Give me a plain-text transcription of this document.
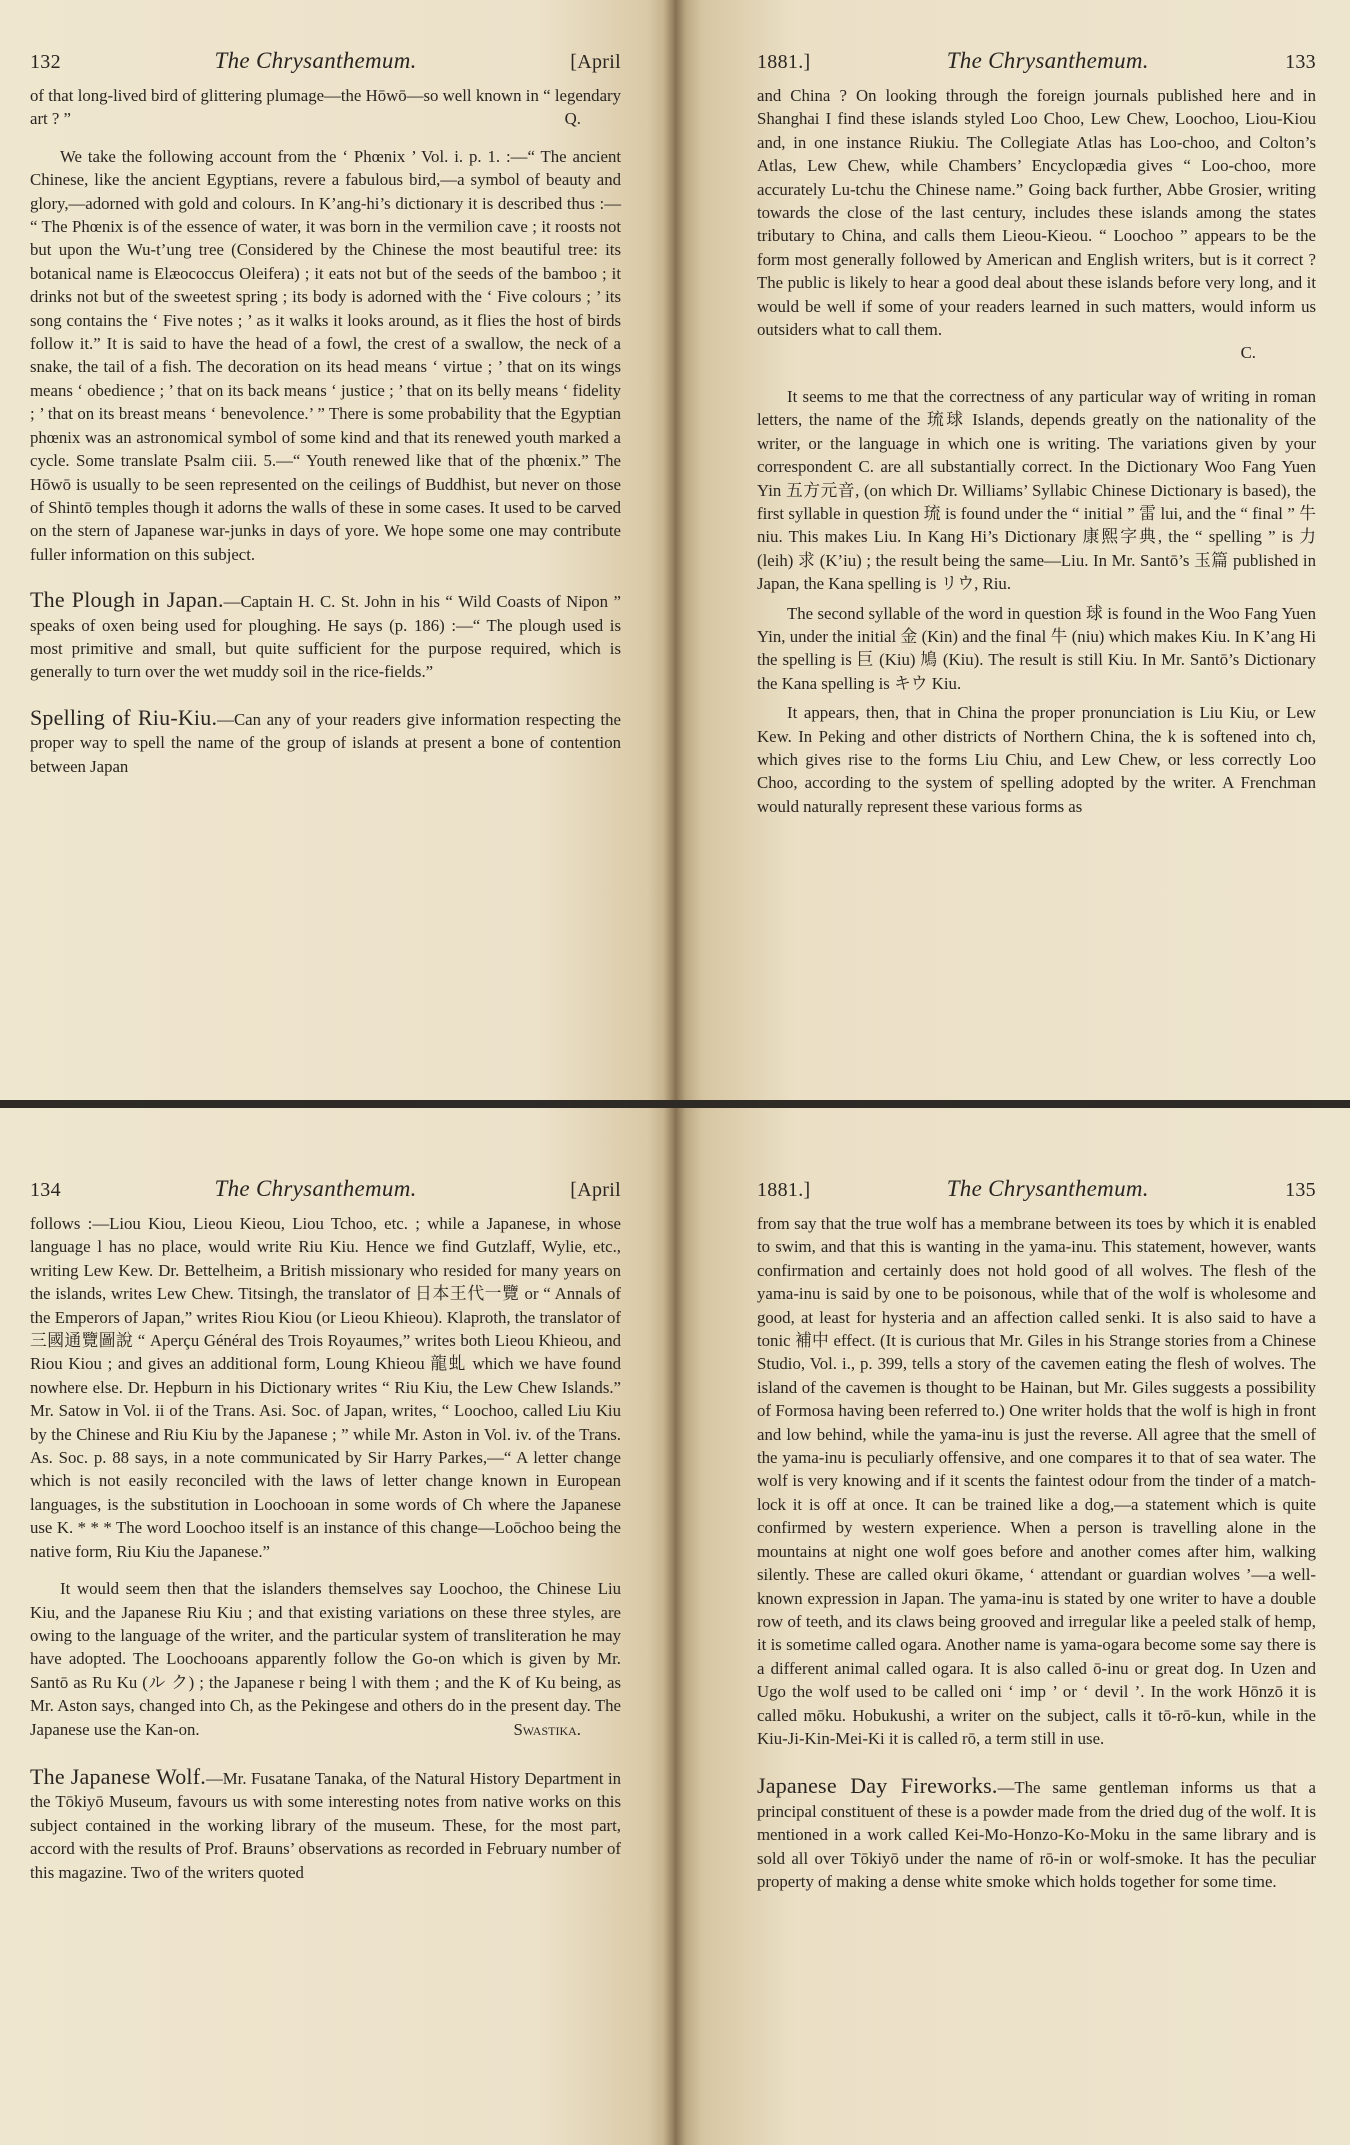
132	The Chrysanthemum.	[April

of that long-lived bird of glittering plumage—the Hōwō—so well known in “ legendary art ? ”	Q.

We take the following account from the ‘ Phœnix ’ Vol. i. p. 1. :—“ The ancient Chinese, like the ancient Egyptians, revere a fabulous bird,—a symbol of beauty and glory,—adorned with gold and colours. In K’ang-hi’s dictionary it is described thus :— “ The Phœnix is of the essence of water, it was born in the vermilion cave ; it roosts not but upon the Wu-t’ung tree (Considered by the Chinese the most beautiful tree: its botanical name is Elæococcus Oleifera) ; it eats not but of the seeds of the bamboo ; it drinks not but of the sweetest spring ; its body is adorned with the ‘ Five colours ; ’ its song contains the ‘ Five notes ; ’ as it walks it looks around, as it flies the host of birds follow it.” It is said to have the head of a fowl, the crest of a swallow, the neck of a snake, the tail of a fish. The decoration on its head means ‘ virtue ; ’ that on its wings means ‘ obedience ; ’ that on its back means ‘ justice ; ’ that on its belly means ‘ fidelity ; ’ that on its breast means ‘ benevolence.’ ” There is some probability that the Egyptian phœnix was an astronomical symbol of some kind and that its renewed youth marked a cycle. Some translate Psalm ciii. 5.—“ Youth renewed like that of the phœnix.” The Hōwō is usually to be seen represented on the ceilings of Buddhist, but never on those of Shintō temples though it adorns the walls of these in some cases. It used to be carved on the stern of Japanese war-junks in days of yore. We hope some one may contribute fuller information on this subject.

The Plough in Japan.—Captain H. C. St. John in his “ Wild Coasts of Nipon ” speaks of oxen being used for ploughing. He says (p. 186) :—“ The plough used is most primitive and small, but quite sufficient for the purpose required, which is generally to turn over the wet muddy soil in the rice-fields.”

Spelling of Riu-Kiu.—Can any of your readers give information respecting the proper way to spell the name of the group of islands at present a bone of contention between Japan

1881.]	The Chrysanthemum.	133

and China ? On looking through the foreign journals published here and in Shanghai I find these islands styled Loo Choo, Lew Chew, Loochoo, Liou-Kiou and, in one instance Riukiu. The Collegiate Atlas has Loo-choo, and Colton’s Atlas, Lew Chew, while Chambers’ Encyclopædia gives “ Loo-choo, more accurately Lu-tchu the Chinese name.” Going back further, Abbe Grosier, writing towards the close of the last century, includes these islands among the states tributary to China, and calls them Lieou-Kieou. “ Loochoo ” appears to be the form most generally followed by American and English writers, but is it correct ? The public is likely to hear a good deal about these islands before very long, and it would be well if some of your readers learned in such matters, would inform us outsiders what to call them.

C.

It seems to me that the correctness of any particular way of writing in roman letters, the name of the 琉球 Islands, depends greatly on the nationality of the writer, or the language in which one is writing. The variations given by your correspondent C. are all substantially correct. In the Dictionary Woo Fang Yuen Yin 五方元音, (on which Dr. Williams’ Syllabic Chinese Dictionary is based), the first syllable in question 琉 is found under the “ initial ” 雷 lui, and the “ final ” 牛 niu. This makes Liu. In Kang Hi’s Dictionary 康熙字典, the “ spelling ” is 力 (leih) 求 (K’iu) ; the result being the same—Liu. In Mr. Santō’s 玉篇 published in Japan, the Kana spelling is リウ, Riu.

The second syllable of the word in question 球 is found in the Woo Fang Yuen Yin, under the initial 金 (Kin) and the final 牛 (niu) which makes Kiu. In K’ang Hi the spelling is 巨 (Kiu) 鳩 (Kiu). The result is still Kiu. In Mr. Santō’s Dictionary the Kana spelling is キウ Kiu.

It appears, then, that in China the proper pronunciation is Liu Kiu, or Lew Kew. In Peking and other districts of Northern China, the k is softened into ch, which gives rise to the forms Liu Chiu, and Lew Chew, or less correctly Loo Choo, according to the system of spelling adopted by the writer. A Frenchman would naturally represent these various forms as

134	The Chrysanthemum.	[April

follows :—Liou Kiou, Lieou Kieou, Liou Tchoo, etc. ; while a Japanese, in whose language l has no place, would write Riu Kiu. Hence we find Gutzlaff, Wylie, etc., writing Lew Kew. Dr. Bettelheim, a British missionary who resided for many years on the islands, writes Lew Chew. Titsingh, the translator of 日本王代一覽 or “ Annals of the Emperors of Japan,” writes Riou Kiou (or Lieou Khieou). Klaproth, the translator of 三國通覽圖說 “ Aperçu Général des Trois Royaumes,” writes both Lieou Khieou, and Riou Kiou ; and gives an additional form, Loung Khieou 龍虬 which we have found nowhere else. Dr. Hepburn in his Dictionary writes “ Riu Kiu, the Lew Chew Islands.” Mr. Satow in Vol. ii of the Trans. Asi. Soc. of Japan, writes, “ Loochoo, called Liu Kiu by the Chinese and Riu Kiu by the Japanese ; ” while Mr. Aston in Vol. iv. of the Trans. As. Soc. p. 88 says, in a note communicated by Sir Harry Parkes,—“ A letter change which is not easily reconciled with the laws of letter change known in European languages, is the substitution in Loochooan in some words of Ch where the Japanese use K. * * * The word Loochoo itself is an instance of this change—Loōchoo being the native form, Riu Kiu the Japanese.”

It would seem then that the islanders themselves say Loochoo, the Chinese Liu Kiu, and the Japanese Riu Kiu ; and that existing variations on these three styles, are owing to the language of the writer, and the particular system of transliteration he may have adopted. The Loochooans apparently follow the Go-on which is given by Mr. Santō as Ru Ku (ル ク) ; the Japanese r being l with them ; and the K of Ku being, as Mr. Aston says, changed into Ch, as the Pekingese and others do in the present day. The Japanese use the Kan-on.	Swastika.

The Japanese Wolf.—Mr. Fusatane Tanaka, of the Natural History Department in the Tōkiyō Museum, favours us with some interesting notes from native works on this subject contained in the working library of the museum. These, for the most part, accord with the results of Prof. Brauns’ observations as recorded in February number of this magazine. Two of the writers quoted

1881.]	The Chrysanthemum.	135

from say that the true wolf has a membrane between its toes by which it is enabled to swim, and that this is wanting in the yama-inu. This statement, however, wants confirmation and certainly does not hold good of all wolves. The flesh of the yama-inu is said by one to be poisonous, while that of the wolf is wholesome and good, at least for hysteria and an affection called senki. It is also said to have a tonic 補中 effect. (It is curious that Mr. Giles in his Strange stories from a Chinese Studio, Vol. i., p. 399, tells a story of the cavemen eating the flesh of wolves. The island of the cavemen is thought to be Hainan, but Mr. Giles suggests a possibility of Formosa having been referred to.) One writer holds that the wolf is high in front and low behind, while the yama-inu is just the reverse. All agree that the smell of the yama-inu is peculiarly offensive, and one compares it to that of sea water. The wolf is very knowing and if it scents the faintest odour from the tinder of a match-lock it is off at once. It can be trained like a dog,—a statement which is quite confirmed by western experience. When a person is travelling alone in the mountains at night one wolf goes before and another comes after him, walking silently. These are called okuri ōkame, ‘ attendant or guardian wolves ’—a well-known expression in Japan. The yama-inu is stated by one writer to have a double row of teeth, and its claws being grooved and irregular like a peeled stalk of hemp, it is sometime called ogara. Another name is yama-ogara become some say there is a different animal called ogara. It is also called ō-inu or great dog. In Uzen and Ugo the wolf used to be called oni ‘ imp ’ or ‘ devil ’. In the work Hōnzō it is called mōku. Hobukushi, a writer on the subject, calls it tō-rō-kun, while in the Kiu-Ji-Kin-Mei-Ki it is called rō, a term still in use.

Japanese Day Fireworks.—The same gentleman informs us that a principal constituent of these is a powder made from the dried dug of the wolf. It is mentioned in a work called Kei-Mo-Honzo-Ko-Moku in the same library and is sold all over Tōkiyō under the name of rō-in or wolf-smoke. It has the peculiar property of making a dense white smoke which holds together for some time.
